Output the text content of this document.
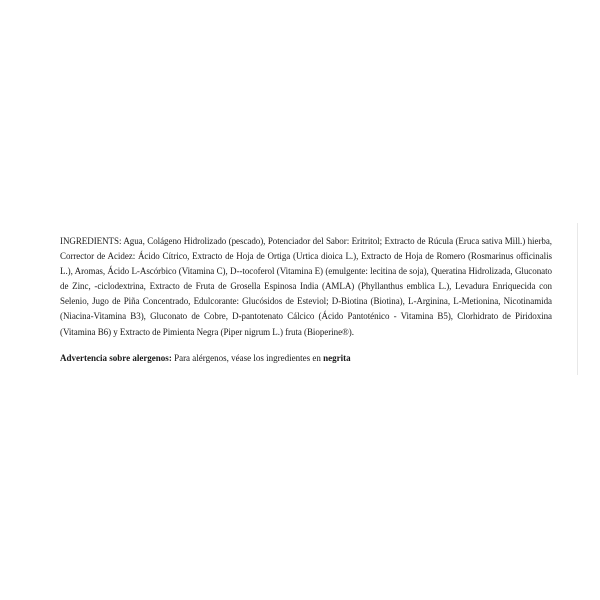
INGREDIENTS: Agua, Colágeno Hidrolizado (pescado), Potenciador del Sabor: Eritritol; Extracto de Rúcula (Eruca sativa Mill.) hierba, Corrector de Acidez: Ácido Cítrico, Extracto de Hoja de Ortiga (Urtica dioica L.), Extracto de Hoja de Romero (Rosmarinus officinalis L.), Aromas, Ácido L-Ascórbico (Vitamina C), D--tocoferol (Vitamina E) (emulgente: lecitina de soja), Queratina Hidrolizada, Gluconato de Zinc, -ciclodextrina, Extracto de Fruta de Grosella Espinosa India (AMLA) (Phyllanthus emblica L.), Levadura Enriquecida con Selenio, Jugo de Piña Concentrado, Edulcorante: Glucósidos de Esteviol; D-Biotina (Biotina), L-Arginina, L-Metionina, Nicotinamida (Niacina-Vitamina B3), Gluconato de Cobre, D-pantotenato Cálcico (Ácido Pantoténico - Vitamina B5), Clorhidrato de Piridoxina (Vitamina B6) y Extracto de Pimienta Negra (Piper nigrum L.) fruta (Bioperine®).

Advertencia sobre alergenos: Para alérgenos, véase los ingredientes en negrita
